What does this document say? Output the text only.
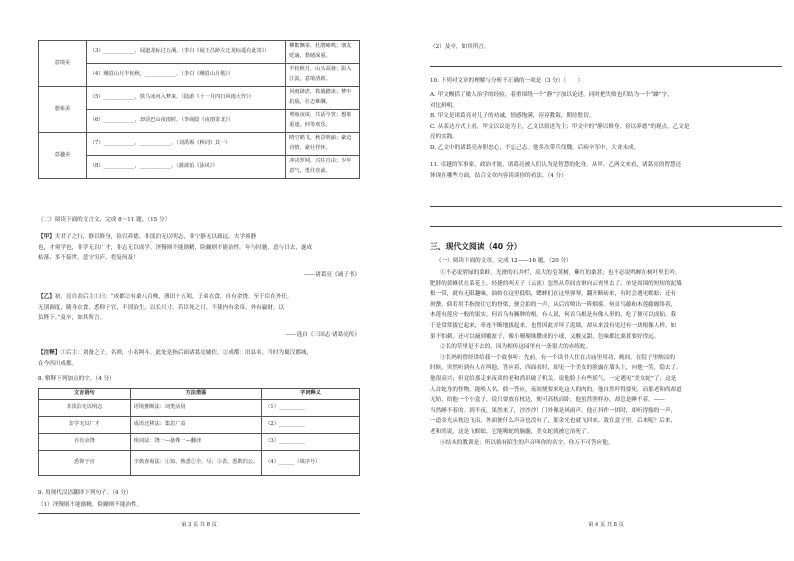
意境美	（3）____________，闻道龙标过五溪。（李白《闻王昌龄左迁龙标遥有此寄》）	柳絮飘零，杜鹃啼鸣；朋友贬谪，愁绪深重。
	（4）峨眉山月半轮秋，____________。（李白《峨眉山月歌》）	半轮秋月，山头高悬；影入江流，意境清新。
想象美	（5）____________，铁马冰河入梦来。（陆游《十一月四日风雨大作》）	风雨肆虐，铁骑踏冰；梦中抗敌，壮志难酬。
	（6）____________，却话巴山夜雨时。（李商隐《夜雨寄北》）	剪烛夜谈，共话今宵；想象重逢，何等欢乐。
意趣美	（7）____________，____________。（刘禹锡《秋词》其一）	晴空鹤飞，秋景明丽；豪迈诗情，豪壮抒怀。
	（8）____________，____________。（蒲歆伯《泳风》）	冲决罗网，兴往自由；少年意气，勇往直前。
（二）阅读下面的文言文，完成 8～11 题。（15 分）
【甲】夫君子之行，静以修身，俭以养德。非淡泊无以明志，非宁静无以致远。夫学须静
也，才须学也，非学无以广才，非志无以成学。淫慢则不能励精，险躁则不能治性。年与时驰，意与日去，遂成
枯落，多不接世，悲守穷庐，将复何及！
——诸葛亮《诫子书》
【乙】初，亮自表后主①曰：“成都②有桑八百株，薄田十五顷，子弟衣食，自有余饶。至于臣在外任，
无别调度，随身衣食，悉仰于官，不别治生，以长尺寸。若臣死之日，不使内有余帛，外有赢财，以
负陛下。”及卒，如其所言。
——选自《三国志·诸葛亮传》
【注释】①后主：刘备之子，名禅，小名阿斗。此处是指后面诸葛亮辅佐。②成都：旧县名。当时为蜀汉都城，
在今四川成都。
8. 解释下列加点的字。（4 分）
文言语句	方法借鉴	字词释义
非淡泊无以明志	语境推断法：词类活用	（1）__________
非学无以广才	成语迁移法：集思广益	（2）__________
自有余饶	组词法：饶一—悬殊一—翻译	（3）__________
悉仰于官	字典查询法：①知，熟悉②全，尽；③表，悉数归公。	（4）______（填序号）
9. 用现代汉语翻译下列句子。（4 分）
（1）淫慢则不能励精，险躁则不能治性。
第 3 页 共 8 页
（2）及卒，如其所言。
10. 下列对文章的理解与分析不正确的一项是（3 分）（　　）
A. 甲文概括了做人治学的经验，着重围绕一个“静”字加以论述，同时把失败也归结为一个“躁”字，
对比鲜明。
B. 甲文是诸葛亮对儿子的劝诫，情感饱满，谆谆教诲，期待殷切。
C. 从表达方式上看，甲文以议论为主，乙文以叙述为主；甲文中的“静以修身，俭以养德”的观点，乙文是
亮的实践。
D. 乙文中的诸葛亮赤胆忠心，不忘己志。他多次带兵伐魏，后病卒军中，大业未成。
11. 卓越的军事家，政治才能，诸葛亮被人们认为是智慧的化身。从甲、乙两文来看，诸葛亮的智慧还
体现在哪些方面，结合文章内容谈谈你的看法。（4 分）
三、现代文阅读（40 分）
（一）阅读下面的文章，完成 12——16 题。（20 分）
①不必说碧绿的菜畦，光滑的石井栏，高大的皂荚树，紫红的桑葚；也不必说鸣蝉在树叶里长吟，
肥胖的黄蜂伏在菜花上，轻捷的叫天子（云雀）忽然从草间直窜向云霄里去了。单是周围的短短的泥墙
根一带，就有无限趣味。油蛉在这里低唱，蟋蟀们在这里弹琴。翻开断砖来，有时会遇见蜈蚣；还有
斑蝥，倘若用手指按住它的脊梁，便会拍的一声，从后窍喷出一阵烟雾。何首乌藤和木莲藤缠络着，
木莲有莲房一般的果实，何首乌有臃肿的根。有人说，何首乌根是有像人形的，吃了便可以成仙，我
于是常常拔它起来，牵连不断地拔起来，也曾因此弄坏了泥墙，却从来没有见过有一块根像人样。如
果不怕刺，还可以摘到覆盆子，像小珊瑚珠攒成的小球，又酸又甜，色味都比桑葚要好得远。
②长的草里是不去的，因为相传这园里有一条很大的赤练蛇。
③长妈妈曾经讲给我一个故事听：先前，有一个读书人住在古庙里用功，晚间，在院子里纳凉的
时候，突然听到有人在叫他。答应着，四面看时，却见一个美女的脸露在墙头上，向他一笑，隐去了。
他很高兴；但竟给那走来夜谈的老和尚识破了机关。说他脸上有些妖气，一定遇见“美女蛇”了；这是
人首蛇身的怪物，能唤人名，倘一答应，夜间便要来吃这人的肉的。他自然吓得要死，而那老和尚却道
无妨，给他一个小盒子，说只要放在枕边，便可高枕而卧。他虽然照样办，却总是睡不着，——
当然睡不着的。到半夜，果然来了，沙沙沙！门外像是风雨声。他正抖作一团时，却听得豁的一声，
一道金光从枕边飞出，外面便什么声音也没有了，那金光也就飞回来，敛在盒子里。后来呢？后来，
老和尚说，这是飞蜈蚣，它能吸蛇的脑髓，美女蛇就被它治死了。
④结末的教训是：所以倘有陌生的声音叫你的名字，你万不可答应他。
第 4 页 共 8 页
